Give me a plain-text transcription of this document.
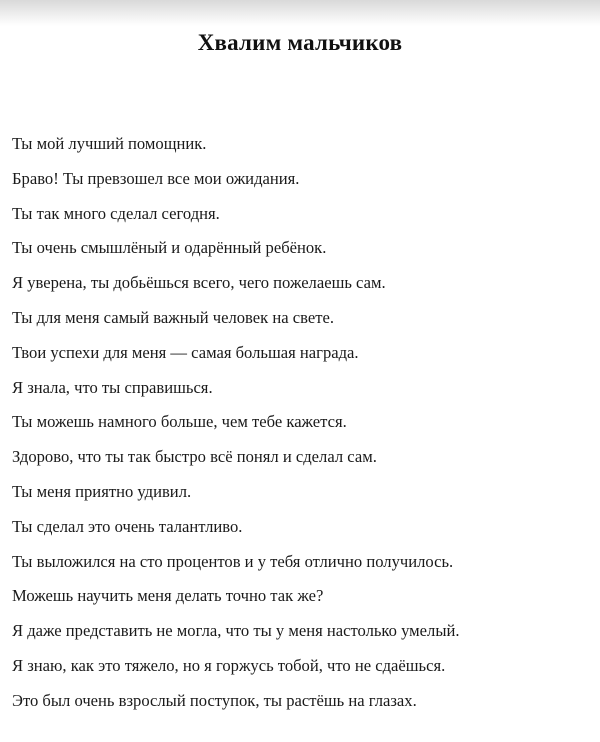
Хвалим мальчиков
Ты мой лучший помощник.
Браво! Ты превзошел все мои ожидания.
Ты так много сделал сегодня.
Ты очень смышлёный и одарённый ребёнок.
Я уверена, ты добьёшься всего, чего пожелаешь сам.
Ты для меня самый важный человек на свете.
Твои успехи для меня — самая большая награда.
Я знала, что ты справишься.
Ты можешь намного больше, чем тебе кажется.
Здорово, что ты так быстро всё понял и сделал сам.
Ты меня приятно удивил.
Ты сделал это очень талантливо.
Ты выложился на сто процентов и у тебя отлично получилось.
Можешь научить меня делать точно так же?
Я даже представить не могла, что ты у меня настолько умелый.
Я знаю, как это тяжело, но я горжусь тобой, что не сдаёшься.
Это был очень взрослый поступок, ты растёшь на глазах.
